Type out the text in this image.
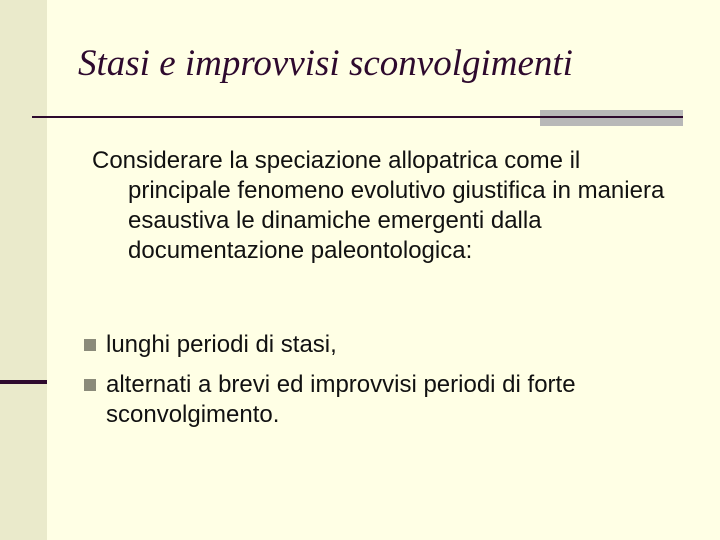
Stasi e improvvisi sconvolgimenti
Considerare la speciazione allopatrica come il principale fenomeno evolutivo giustifica in maniera esaustiva le dinamiche emergenti dalla documentazione paleontologica:
lunghi periodi di stasi,
alternati a brevi ed improvvisi periodi di forte sconvolgimento.
